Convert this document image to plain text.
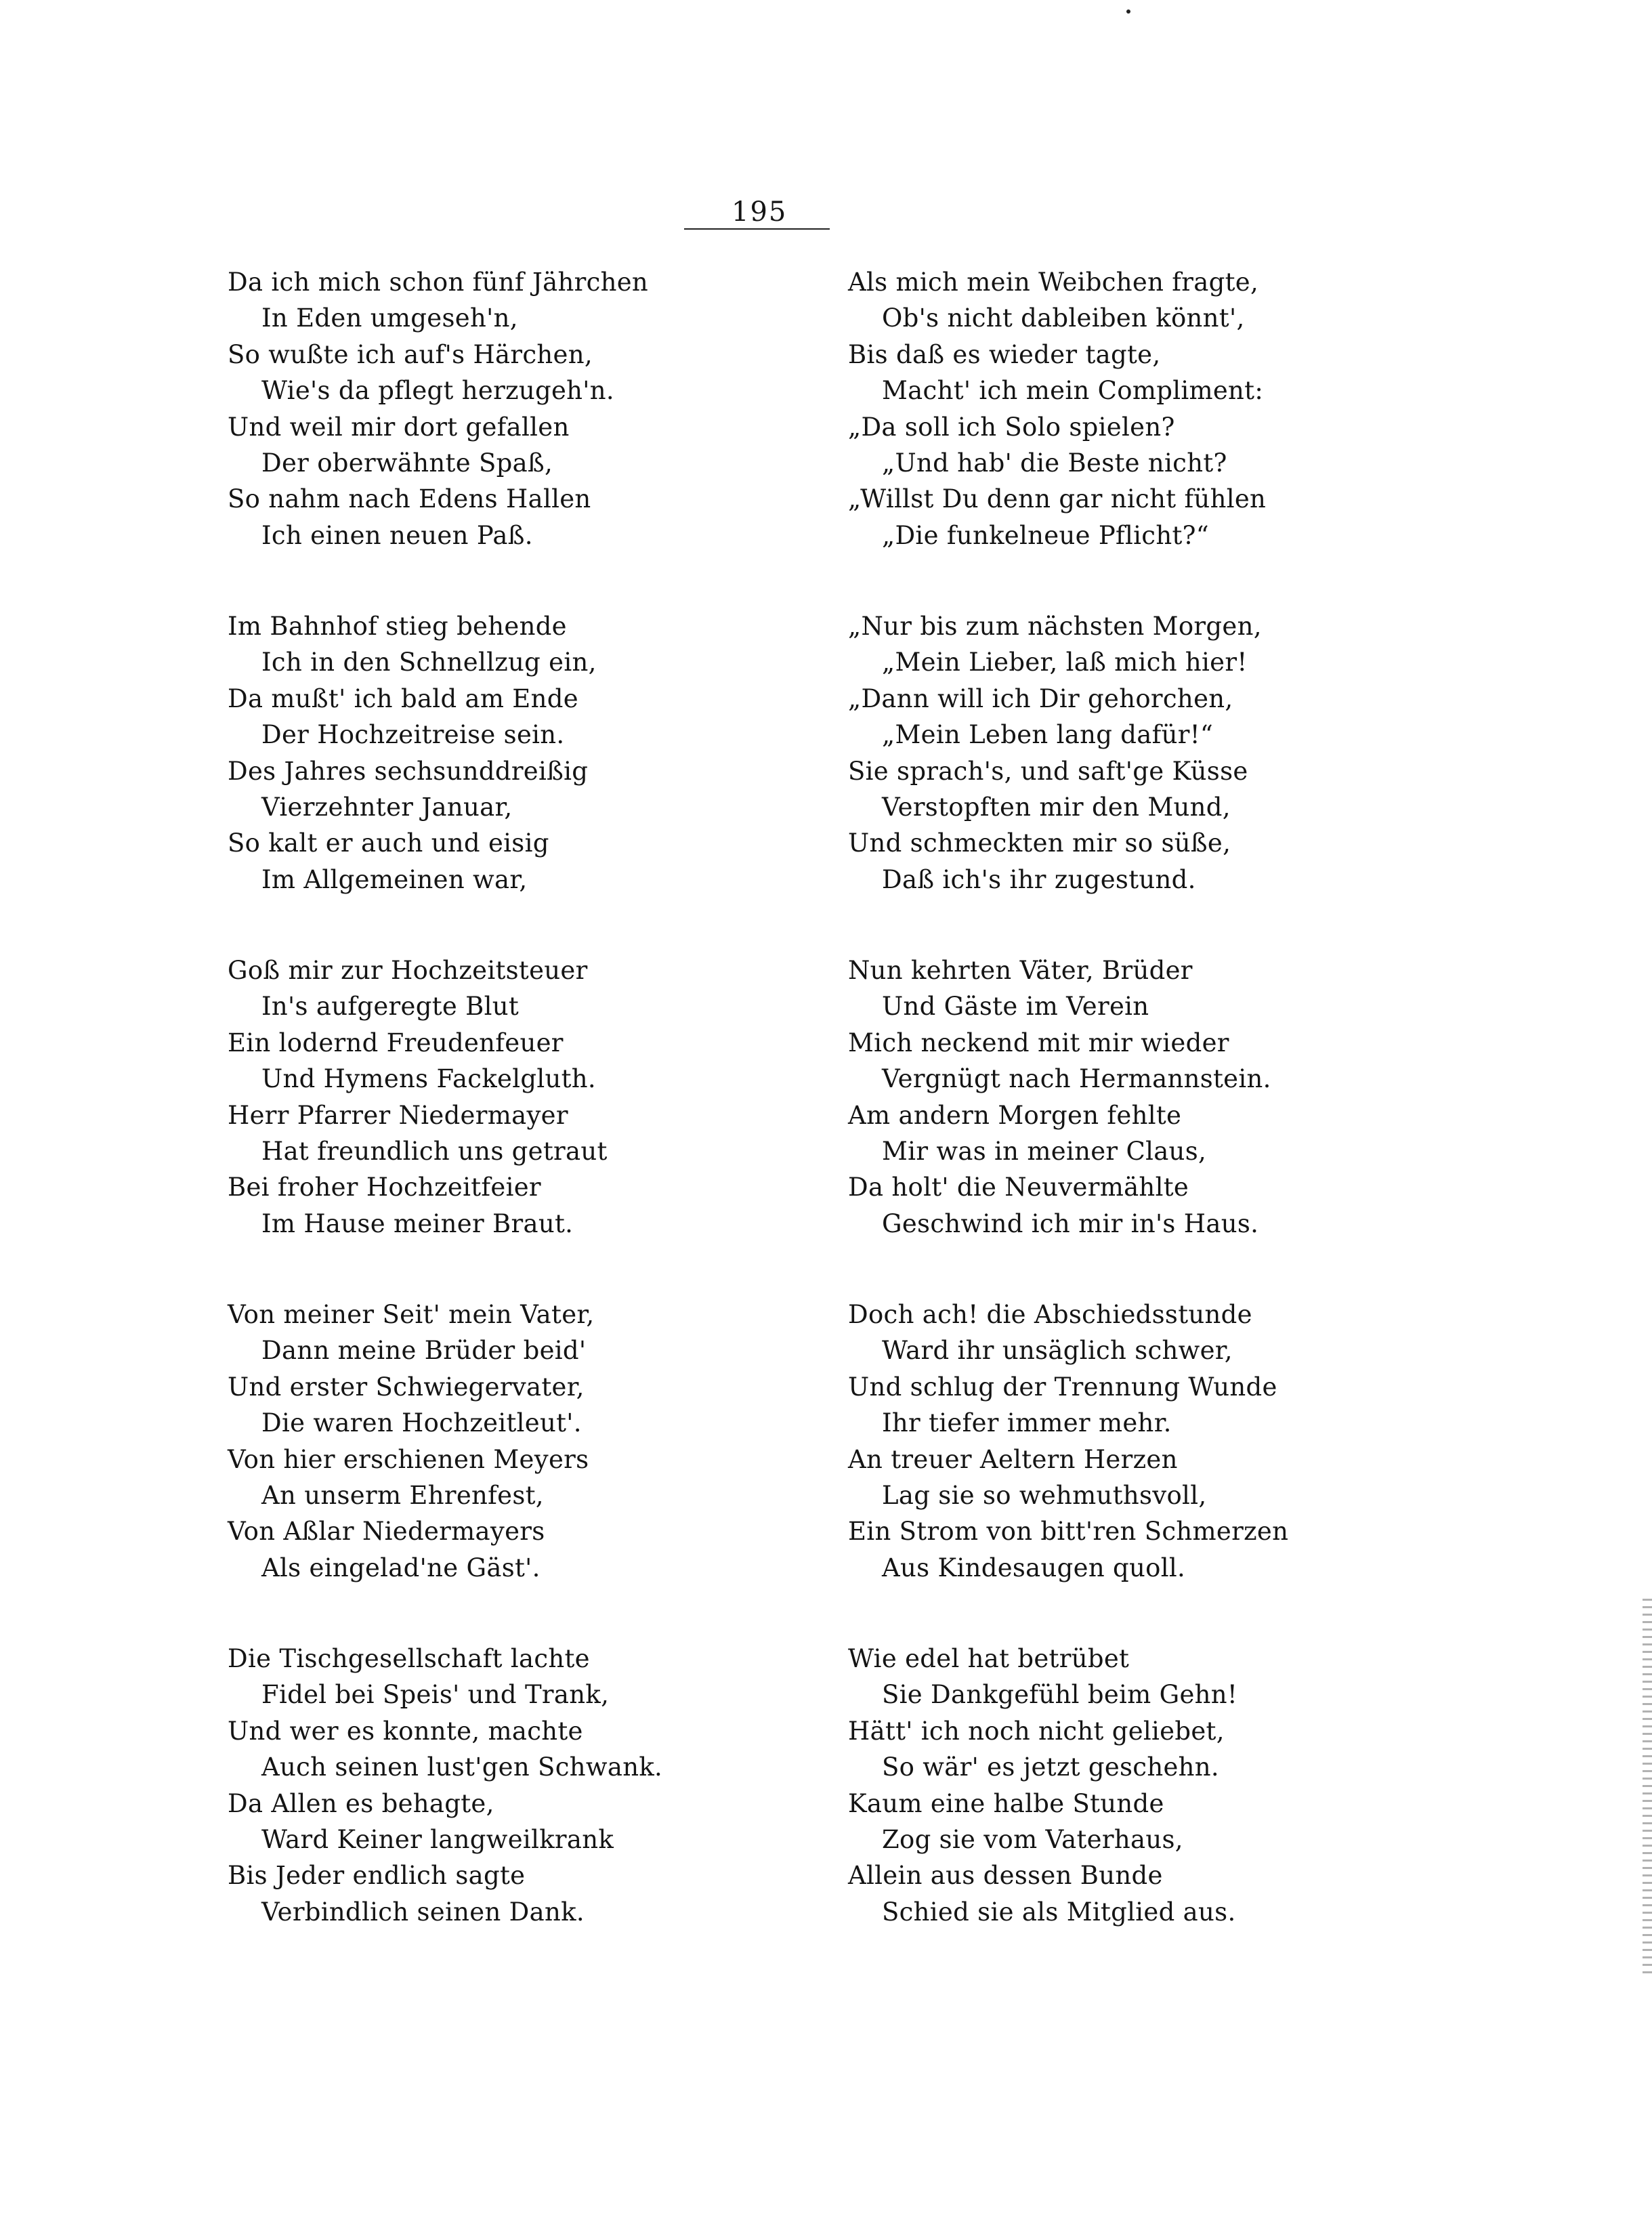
195
Da ich mich schon fünf Jährchen
In Eden umgeseh'n,
So wußte ich auf's Härchen,
Wie's da pflegt herzugeh'n.
Und weil mir dort gefallen
Der oberwähnte Spaß,
So nahm nach Edens Hallen
Ich einen neuen Paß.
Im Bahnhof stieg behende
Ich in den Schnellzug ein,
Da mußt' ich bald am Ende
Der Hochzeitreise sein.
Des Jahres sechsunddreißig
Vierzehnter Januar,
So kalt er auch und eisig
Im Allgemeinen war,
Goß mir zur Hochzeitsteuer
In's aufgeregte Blut
Ein lodernd Freudenfeuer
Und Hymens Fackelgluth.
Herr Pfarrer Niedermayer
Hat freundlich uns getraut
Bei froher Hochzeitfeier
Im Hause meiner Braut.
Von meiner Seit' mein Vater,
Dann meine Brüder beid'
Und erster Schwiegervater,
Die waren Hochzeitleut'.
Von hier erschienen Meyers
An unserm Ehrenfest,
Von Aßlar Niedermayers
Als eingelad'ne Gäst'.
Die Tischgesellschaft lachte
Fidel bei Speis' und Trank,
Und wer es konnte, machte
Auch seinen lust'gen Schwank.
Da Allen es behagte,
Ward Keiner langweilkrank
Bis Jeder endlich sagte
Verbindlich seinen Dank.
Als mich mein Weibchen fragte,
Ob's nicht dableiben könnt',
Bis daß es wieder tagte,
Macht' ich mein Compliment:
„Da soll ich Solo spielen?
„Und hab' die Beste nicht?
„Willst Du denn gar nicht fühlen
„Die funkelneue Pflicht?“
„Nur bis zum nächsten Morgen,
„Mein Lieber, laß mich hier!
„Dann will ich Dir gehorchen,
„Mein Leben lang dafür!“
Sie sprach's, und saft'ge Küsse
Verstopften mir den Mund,
Und schmeckten mir so süße,
Daß ich's ihr zugestund.
Nun kehrten Väter, Brüder
Und Gäste im Verein
Mich neckend mit mir wieder
Vergnügt nach Hermannstein.
Am andern Morgen fehlte
Mir was in meiner Claus,
Da holt' die Neuvermählte
Geschwind ich mir in's Haus.
Doch ach! die Abschiedsstunde
Ward ihr unsäglich schwer,
Und schlug der Trennung Wunde
Ihr tiefer immer mehr.
An treuer Aeltern Herzen
Lag sie so wehmuthsvoll,
Ein Strom von bitt'ren Schmerzen
Aus Kindesaugen quoll.
Wie edel hat betrübet
Sie Dankgefühl beim Gehn!
Hätt' ich noch nicht geliebet,
So wär' es jetzt geschehn.
Kaum eine halbe Stunde
Zog sie vom Vaterhaus,
Allein aus dessen Bunde
Schied sie als Mitglied aus.
